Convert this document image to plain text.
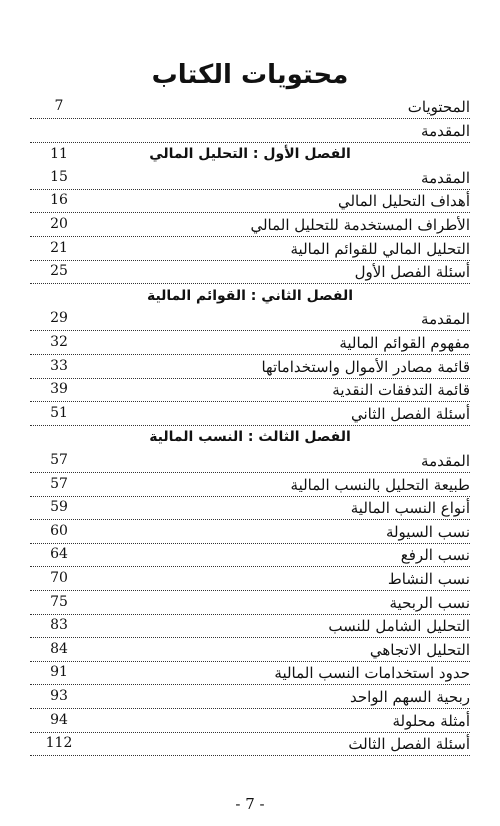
محتويات الكتاب
7	المحتويات
المقدمة
11	الفصل الأول : التحليل المالي
15	المقدمة
16	أهداف التحليل المالي
20	الأطراف المستخدمة للتحليل المالي
21	التحليل المالي للقوائم المالية
25	أسئلة الفصل الأول
الفصل الثاني : القوائم المالية
29	المقدمة
32	مفهوم القوائم المالية
33	قائمة مصادر الأموال واستخداماتها
39	قائمة التدفقات النقدية
51	أسئلة الفصل الثاني
الفصل الثالث : النسب المالية
57	المقدمة
57	طبيعة التحليل بالنسب المالية
59	أنواع النسب المالية
60	نسب السيولة
64	نسب الرفع
70	نسب النشاط
75	نسب الربحية
83	التحليل الشامل للنسب
84	التحليل الاتجاهي
91	حدود استخدامات النسب المالية
93	ربحية السهم الواحد
94	أمثلة محلولة
112	أسئلة الفصل الثالث
- 7 -
